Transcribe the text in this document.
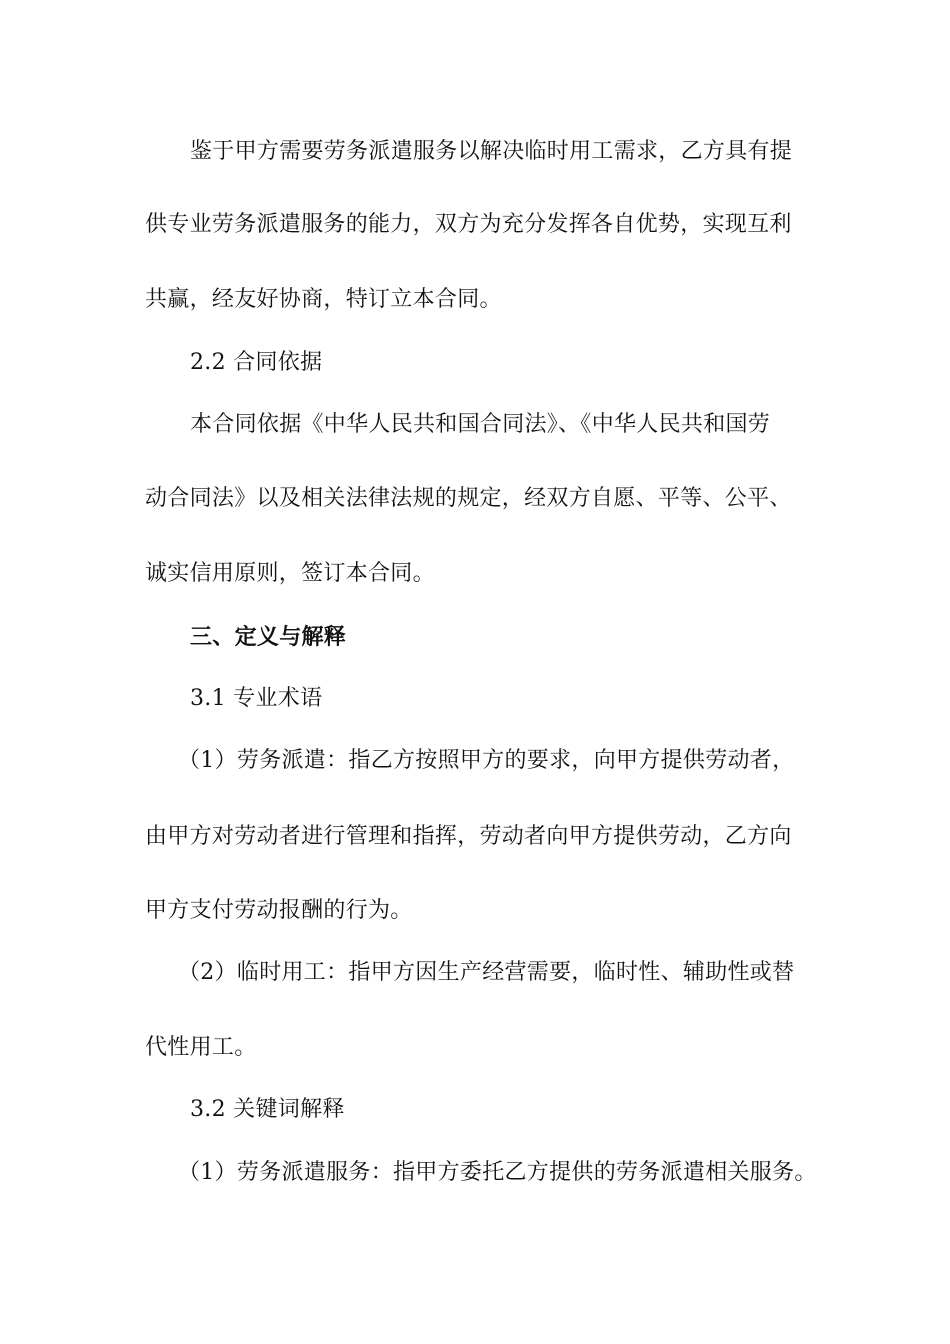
鉴于甲方需要劳务派遣服务以解决临时用工需求，乙方具有提
供专业劳务派遣服务的能力，双方为充分发挥各自优势，实现互利
共赢，经友好协商，特订立本合同。
2.2 合同依据
本合同依据《中华人民共和国合同法》、《中华人民共和国劳
动合同法》以及相关法律法规的规定，经双方自愿、平等、公平、
诚实信用原则，签订本合同。
三、定义与解释
3.1 专业术语
（1）劳务派遣：指乙方按照甲方的要求，向甲方提供劳动者，
由甲方对劳动者进行管理和指挥，劳动者向甲方提供劳动，乙方向
甲方支付劳动报酬的行为。
（2）临时用工：指甲方因生产经营需要，临时性、辅助性或替
代性用工。
3.2 关键词解释
（1）劳务派遣服务：指甲方委托乙方提供的劳务派遣相关服务。
